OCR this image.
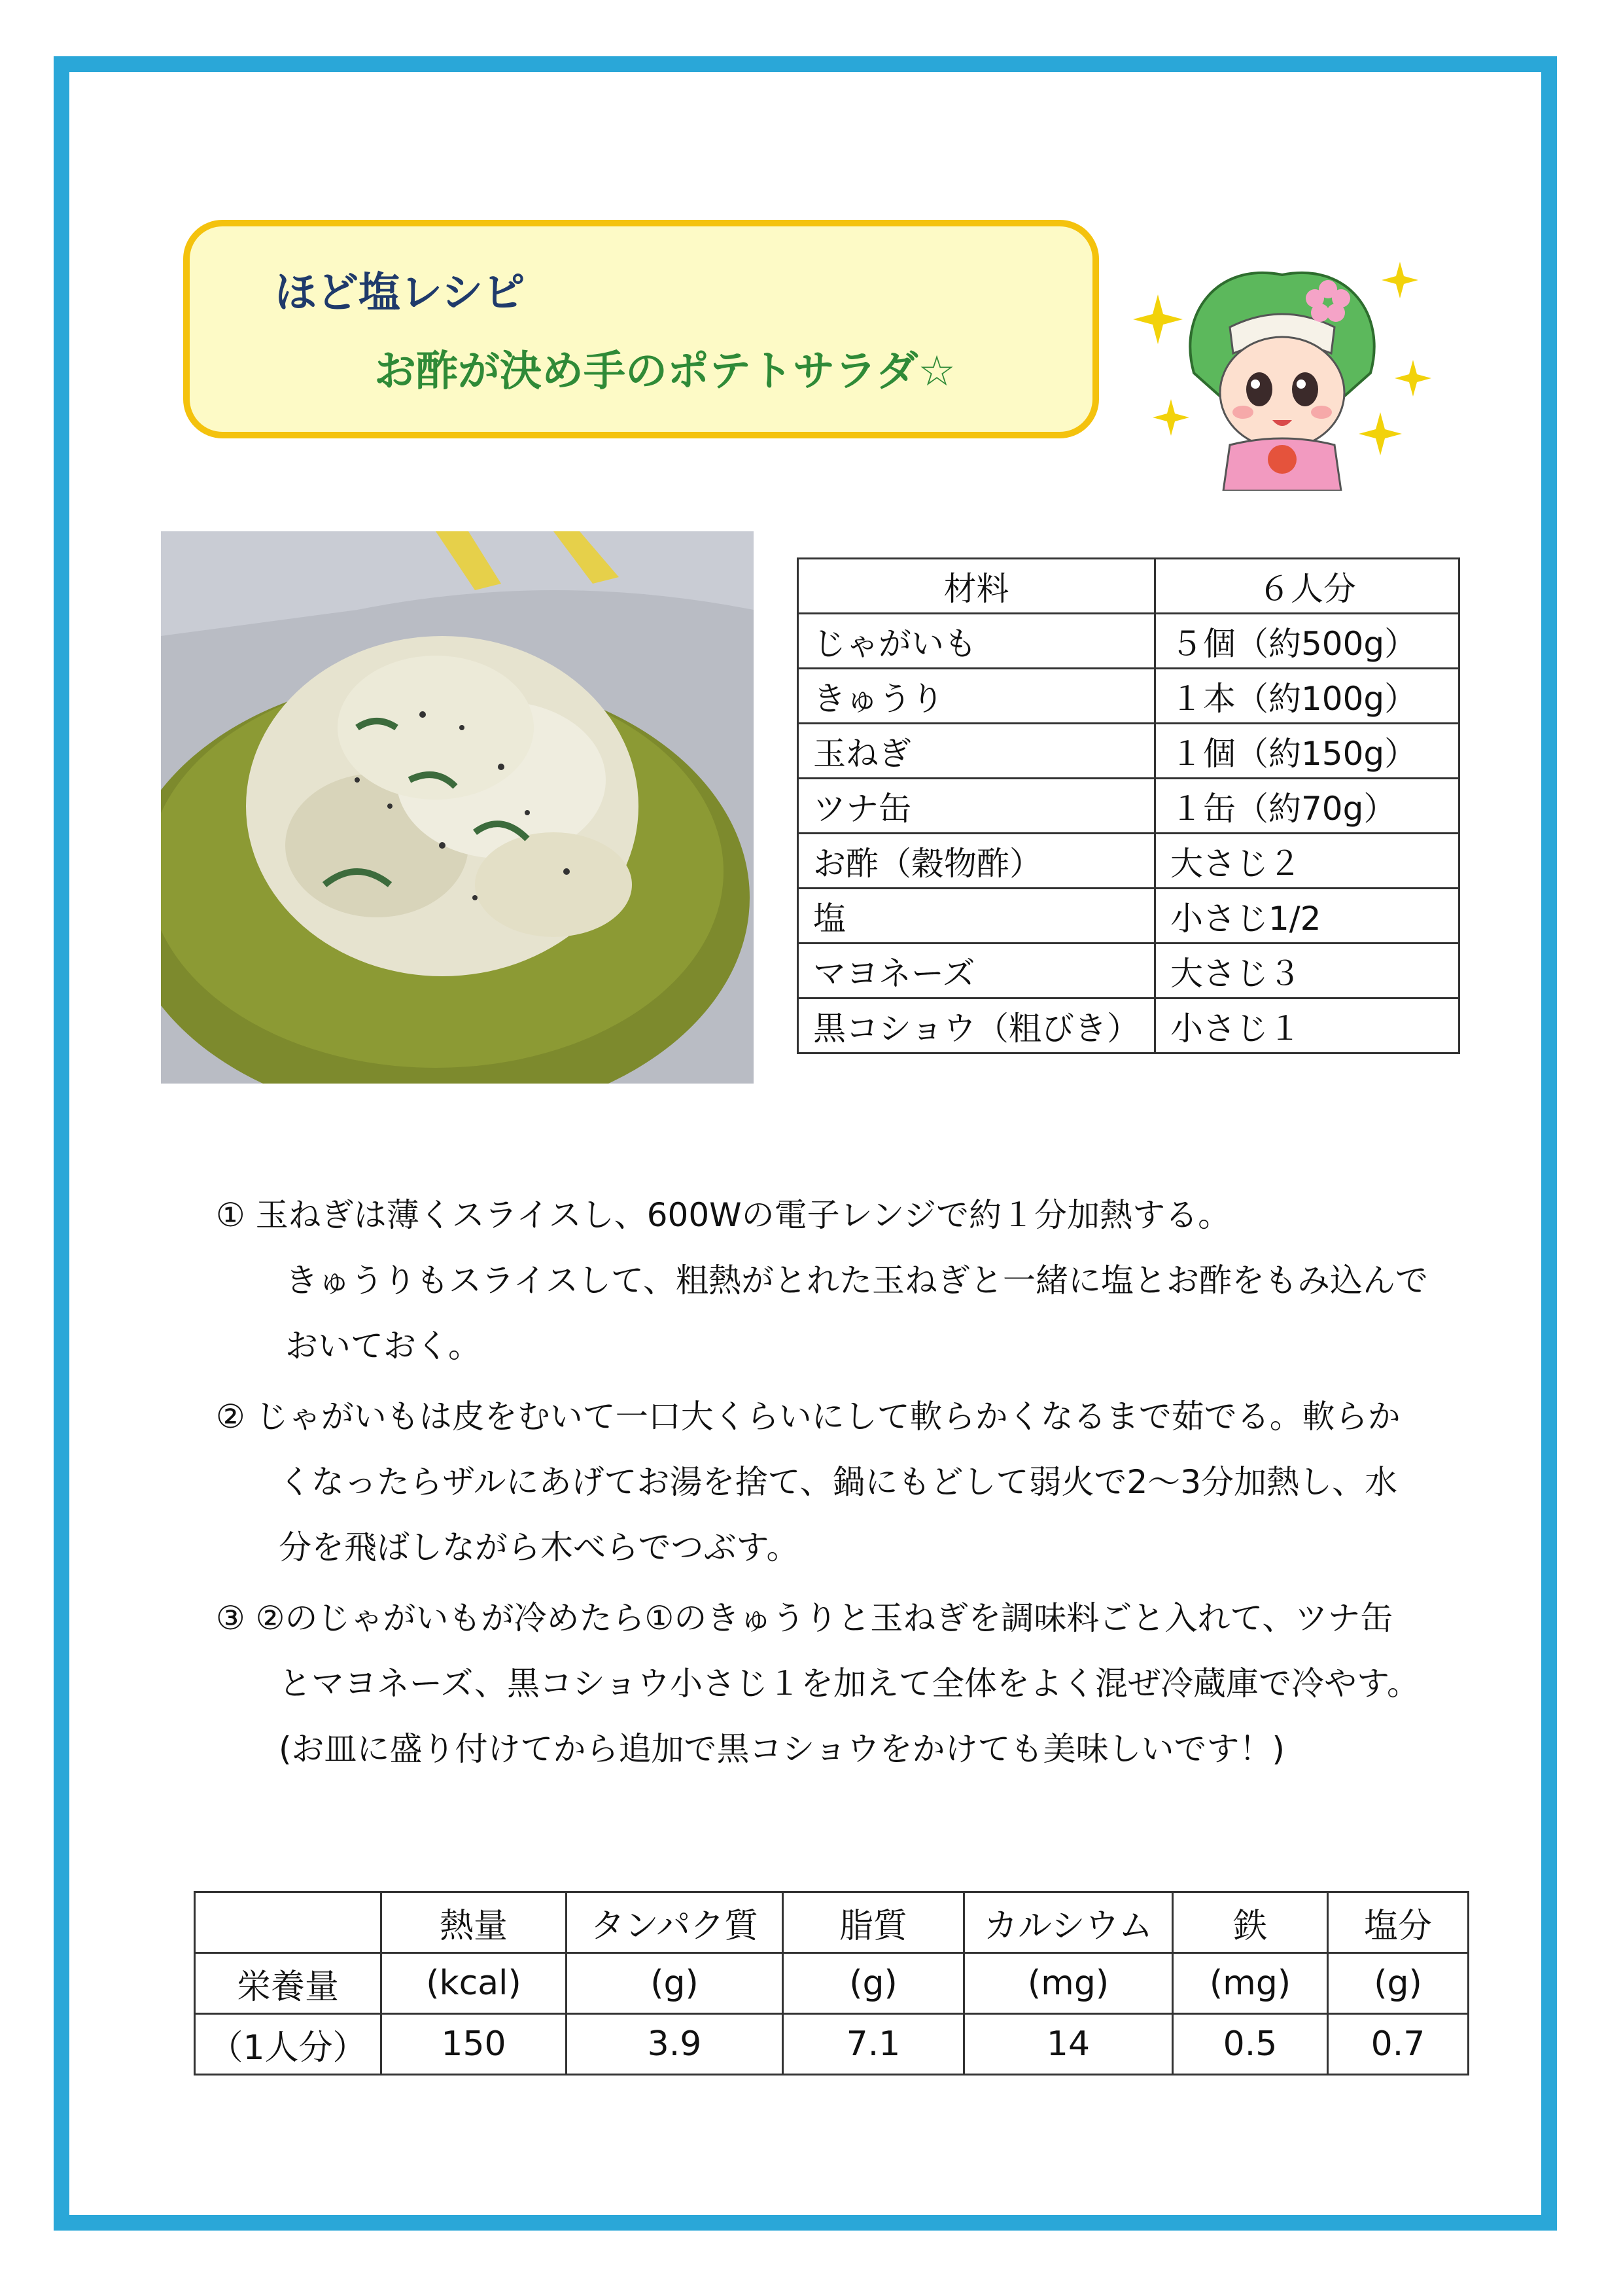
ほど塩レシピ
お酢が決め手のポテトサラダ☆
材料	６人分
じゃがいも	５個（約500g）
きゅうり	１本（約100g）
玉ねぎ	１個（約150g）
ツナ缶	１缶（約70g）
お酢（穀物酢）	大さじ２
塩	小さじ1/2
マヨネーズ	大さじ３
黒コショウ（粗びき）	小さじ１
① 玉ねぎは薄くスライスし、600Wの電子レンジで約１分加熱する。
きゅうりもスライスして、粗熱がとれた玉ねぎと一緒に塩とお酢をもみ込んで
おいておく。
② じゃがいもは皮をむいて一口大くらいにして軟らかくなるまで茹でる。軟らか
くなったらザルにあげてお湯を捨て、鍋にもどして弱火で2～3分加熱し、水
分を飛ばしながら木べらでつぶす。
③ ②のじゃがいもが冷めたら①のきゅうりと玉ねぎを調味料ごと入れて、ツナ缶
とマヨネーズ、黒コショウ小さじ１を加えて全体をよく混ぜ冷蔵庫で冷やす。
(お皿に盛り付けてから追加で黒コショウをかけても美味しいです！)
	熱量	タンパク質	脂質	カルシウム	鉄	塩分
栄養量	(kcal)	(g)	(g)	(mg)	(mg)	(g)
（1人分）	150	3.9	7.1	14	0.5	0.7
